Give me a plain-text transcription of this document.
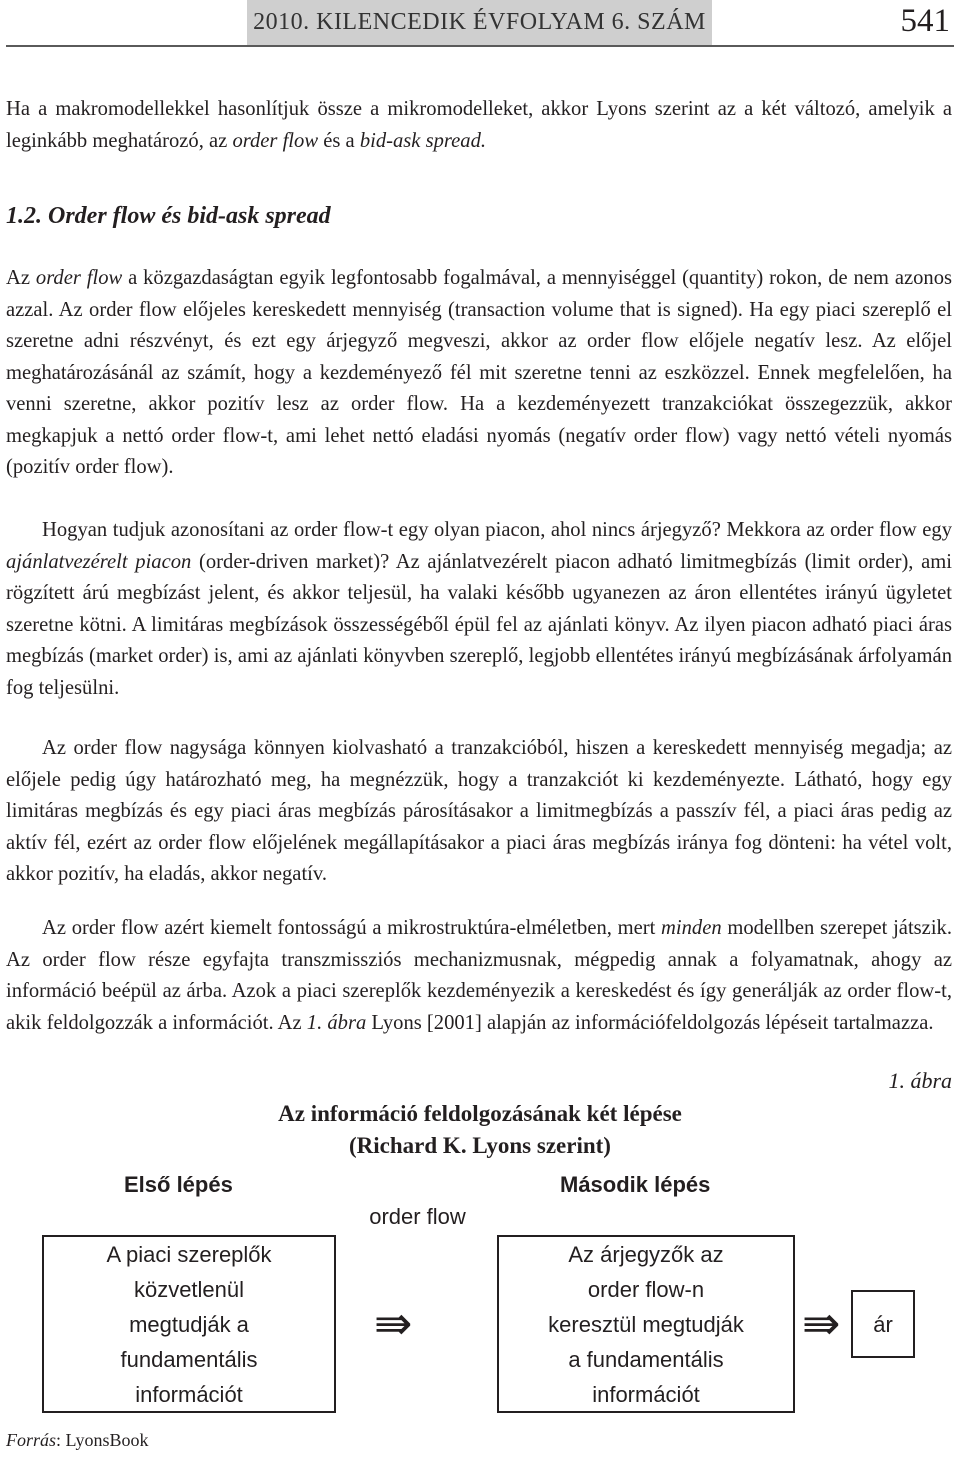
2010. KILENCEDIK ÉVFOLYAM 6. SZÁM	541

Ha a makromodellekkel hasonlítjuk össze a mikromodelleket, akkor Lyons szerint az a két változó, amelyik a leginkább meghatározó, az order flow és a bid-ask spread.

1.2. Order flow és bid-ask spread

Az order flow a közgazdaságtan egyik legfontosabb fogalmával, a mennyiséggel (quantity) rokon, de nem azonos azzal. Az order flow előjeles kereskedett mennyiség (transaction volume that is signed). Ha egy piaci szereplő el szeretne adni részvényt, és ezt egy árjegyző megveszi, akkor az order flow előjele negatív lesz. Az előjel meghatározásánál az számít, hogy a kezdeményező fél mit szeretne tenni az eszközzel. Ennek megfelelően, ha venni szeretne, akkor pozitív lesz az order flow. Ha a kezdeményezett tranzakciókat összegezzük, akkor megkapjuk a nettó order flow-t, ami lehet nettó eladási nyomás (negatív order flow) vagy nettó vételi nyomás (pozitív order flow).

Hogyan tudjuk azonosítani az order flow-t egy olyan piacon, ahol nincs árjegyző? Mekkora az order flow egy ajánlatvezérelt piacon (order-driven market)? Az ajánlatvezérelt piacon adható limitmegbízás (limit order), ami rögzített árú megbízást jelent, és akkor teljesül, ha valaki később ugyanezen az áron ellentétes irányú ügyletet szeretne kötni. A limitáras megbízások összességéből épül fel az ajánlati könyv. Az ilyen piacon adható piaci áras megbízás (market order) is, ami az ajánlati könyvben szereplő, legjobb ellentétes irányú megbízásának árfolyamán fog teljesülni.

Az order flow nagysága könnyen kiolvasható a tranzakcióból, hiszen a kereskedett mennyiség megadja; az előjele pedig úgy határozható meg, ha megnézzük, hogy a tranzakciót ki kezdeményezte. Látható, hogy egy limitáras megbízás és egy piaci áras megbízás párosításakor a limitmegbízás a passzív fél, a piaci áras pedig az aktív fél, ezért az order flow előjelének megállapításakor a piaci áras megbízás iránya fog dönteni: ha vétel volt, akkor pozitív, ha eladás, akkor negatív.

Az order flow azért kiemelt fontosságú a mikrostruktúra-elméletben, mert minden modellben szerepet játszik. Az order flow része egyfajta transzmissziós mechanizmusnak, mégpedig annak a folyamatnak, ahogy az információ beépül az árba. Azok a piaci szereplők kezdeményezik a kereskedést és így generálják az order flow-t, akik feldolgozzák a információt. Az 1. ábra Lyons [2001] alapján az információfeldolgozás lépéseit tartalmazza.

1. ábra
Az információ feldolgozásának két lépése
(Richard K. Lyons szerint)
Első lépés	Második lépés
order flow
A piaci szereplők
közvetlenül
megtudják a
fundamentális
információt
⇛
Az árjegyzők az
order flow-n
keresztül megtudják
a fundamentális
információt
⇛ ár
Forrás: LyonsBook
